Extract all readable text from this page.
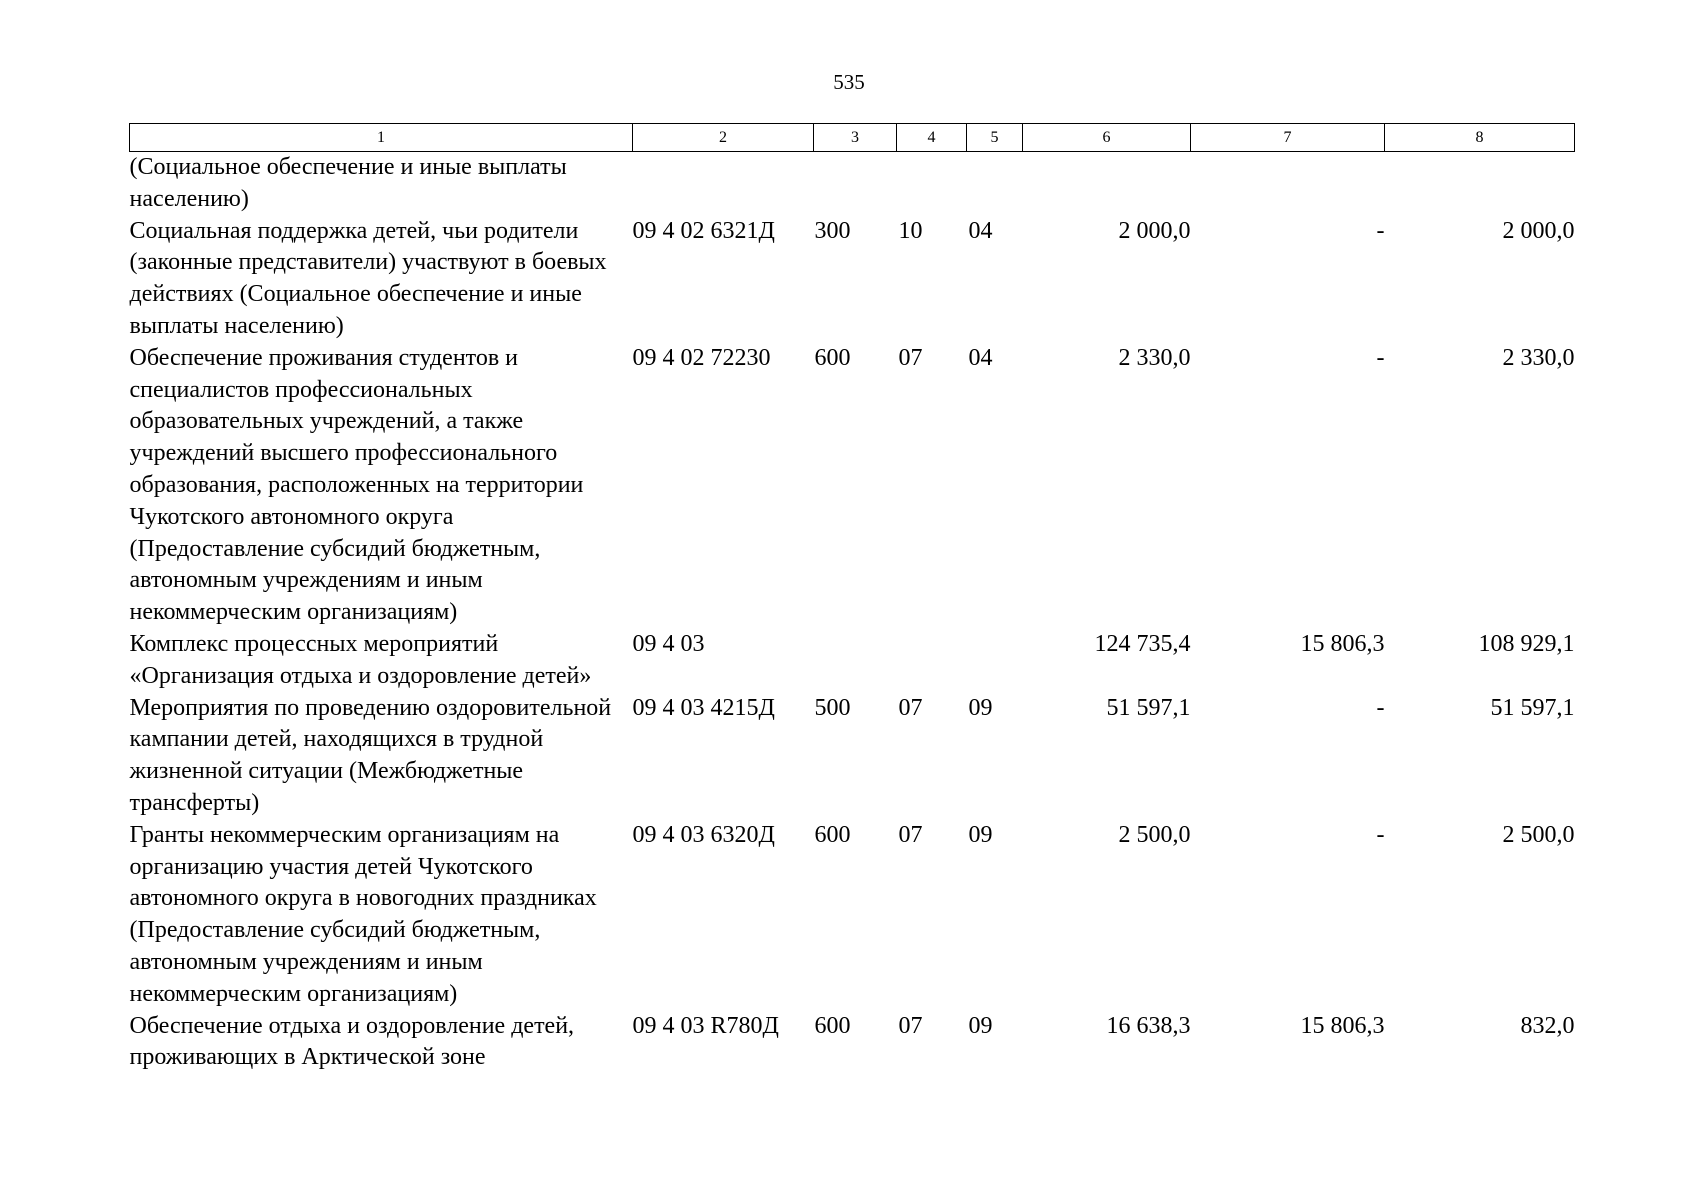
535
1	2	3	4	5	6	7	8
(Социальное обеспечение и иные выплаты населению)							
Социальная поддержка детей, чьи родители (законные представители) участвуют в боевых действиях (Социальное обеспечение и иные выплаты населению)	09 4 02 6321Д	300	10	04	2 000,0	-	2 000,0
Обеспечение проживания студентов и специалистов профессиональных образовательных учреждений, а также учреждений высшего профессионального образования, расположенных на территории Чукотского автономного округа (Предоставление субсидий бюджетным, автономным учреждениям и иным некоммерческим организациям)	09 4 02 72230	600	07	04	2 330,0	-	2 330,0
Комплекс процессных мероприятий «Организация отдыха и оздоровление детей»	09 4 03				124 735,4	15 806,3	108 929,1
Мероприятия по проведению оздоровительной кампании детей, находящихся в трудной жизненной ситуации (Межбюджетные трансферты)	09 4 03 4215Д	500	07	09	51 597,1	-	51 597,1
Гранты некоммерческим организациям на организацию участия детей Чукотского автономного округа в новогодних праздниках (Предоставление субсидий бюджетным, автономным учреждениям и иным некоммерческим организациям)	09 4 03 6320Д	600	07	09	2 500,0	-	2 500,0
Обеспечение отдыха и оздоровление детей, проживающих в Арктической зоне	09 4 03 R780Д	600	07	09	16 638,3	15 806,3	832,0
